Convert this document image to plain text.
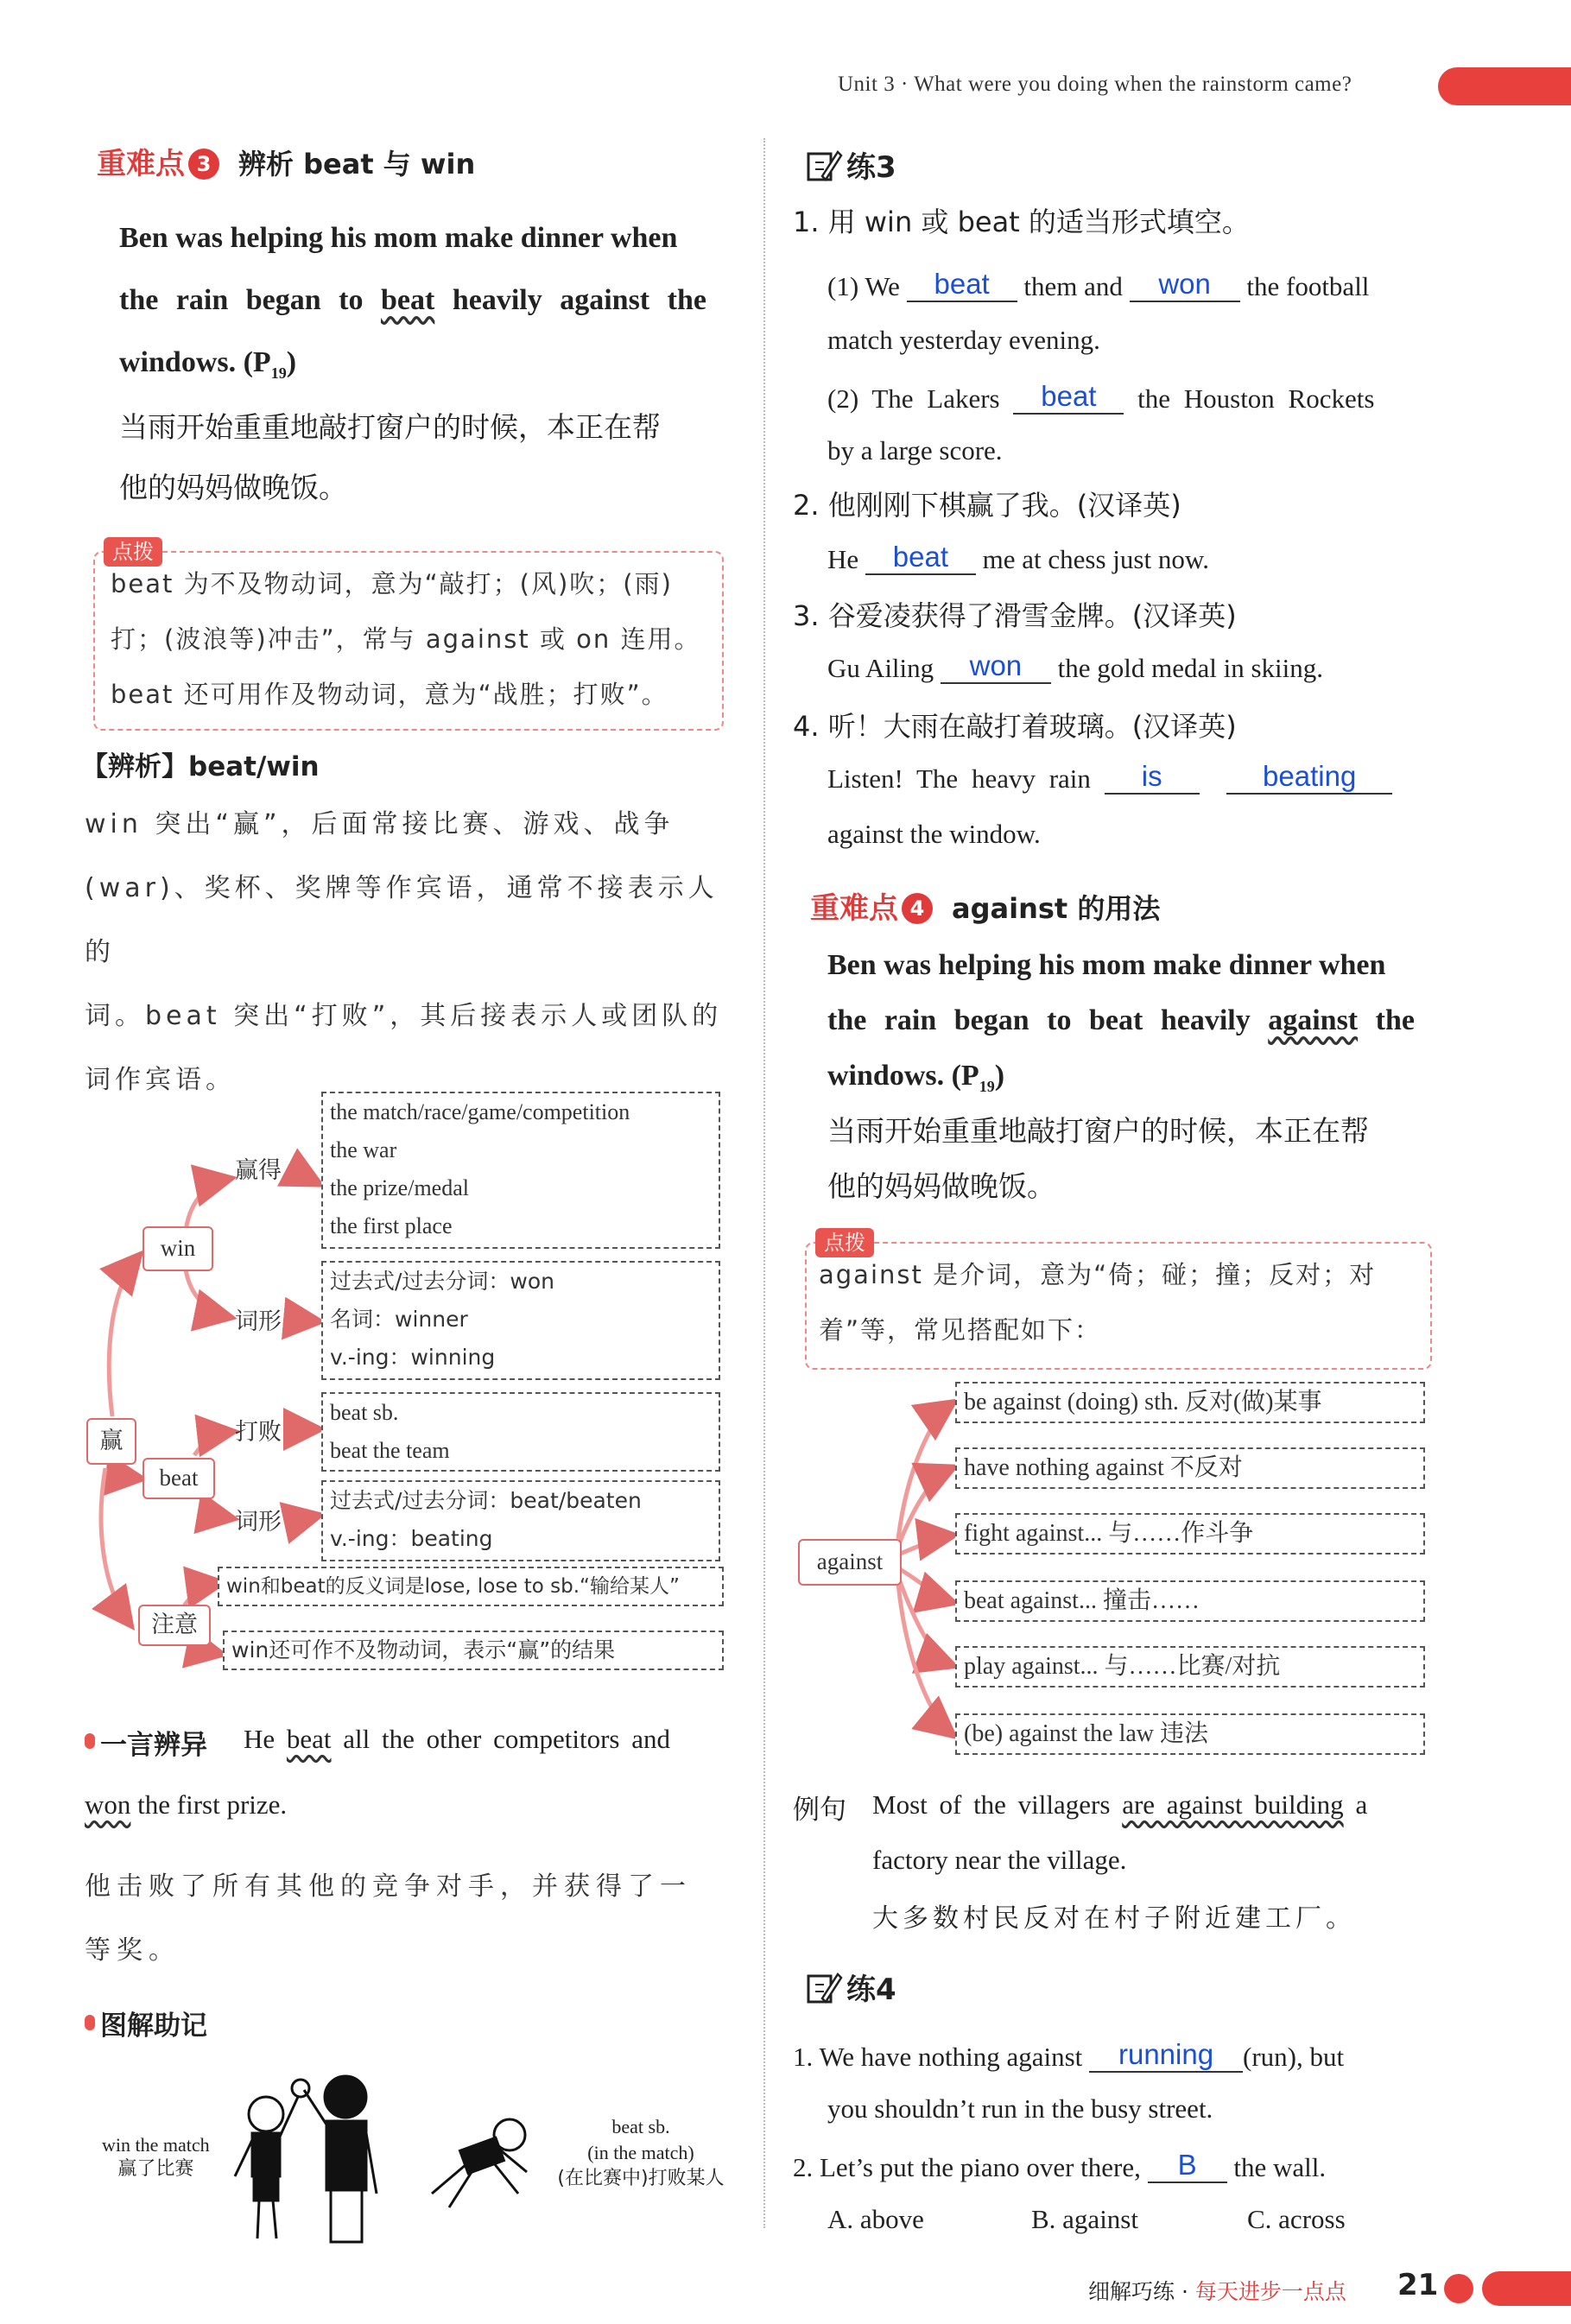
Unit 3 · What were you doing when the rainstorm came?
重难点 3 辨析 beat 与 win
Ben was helping his mom make dinner when
the rain began to beat heavily against the
windows. $(P_{19})$
当雨开始重重地敲打窗户的时候，本正在帮
他的妈妈做晚饭。
点拨
beat 为不及物动词，意为“敲打；(风)吹；(雨)
打；(波浪等)冲击”，常与 against 或 on 连用。
beat 还可用作及物动词，意为“战胜；打败”。
【辨析】beat/win
win 突出“赢”，后面常接比赛、游戏、战争
(war)、奖杯、奖牌等作宾语，通常不接表示人的
词。beat 突出“打败”，其后接表示人或团队的
词作宾语。
赢
win
beat
注意
赢得
词形
打败
词形
the match/race/game/competition
the war
the prize/medal
the first place
过去式/过去分词：won
名词：winner
v.-ing：winning
beat sb.
beat the team
过去式/过去分词：beat/beaten
v.-ing：beating
win和beat的反义词是lose, lose to sb.“输给某人”
win还可作不及物动词，表示“赢”的结果
一言辨异 He beat all the other competitors and
won the first prize.
他击败了所有其他的竞争对手，并获得了一
等奖。
图解助记
win the match
赢了比赛
beat sb.
(in the match)
(在比赛中)打败某人
练3
1. 用 win 或 beat 的适当形式填空。
(1) We beat them and won the football
match yesterday evening.
(2) The Lakers beat the Houston Rockets
by a large score.
2. 他刚刚下棋赢了我。(汉译英)
He beat me at chess just now.
3. 谷爱凌获得了滑雪金牌。(汉译英)
Gu Ailing won the gold medal in skiing.
4. 听！大雨在敲打着玻璃。(汉译英)
Listen! The heavy rain is	beating
against the window.
重难点 4 against 的用法
Ben was helping his mom make dinner when
the rain began to beat heavily against the
windows. $(P_{19})$
当雨开始重重地敲打窗户的时候，本正在帮
他的妈妈做晚饭。
点拨
against 是介词，意为“倚；碰；撞；反对；对
着”等，常见搭配如下：
against
be against (doing) sth. 反对(做)某事
have nothing against 不反对
fight against... 与……作斗争
beat against... 撞击……
play against... 与……比赛/对抗
(be) against the law 违法
例句 Most of the villagers are against building a
factory near the village.
大多数村民反对在村子附近建工厂。
练4
1. We have nothing against running (run), but
you shouldn’t run in the busy street.
2. Let’s put the piano over there, B the wall.
A. above	B. against	C. across
细解巧练 · 每天进步一点点 21
